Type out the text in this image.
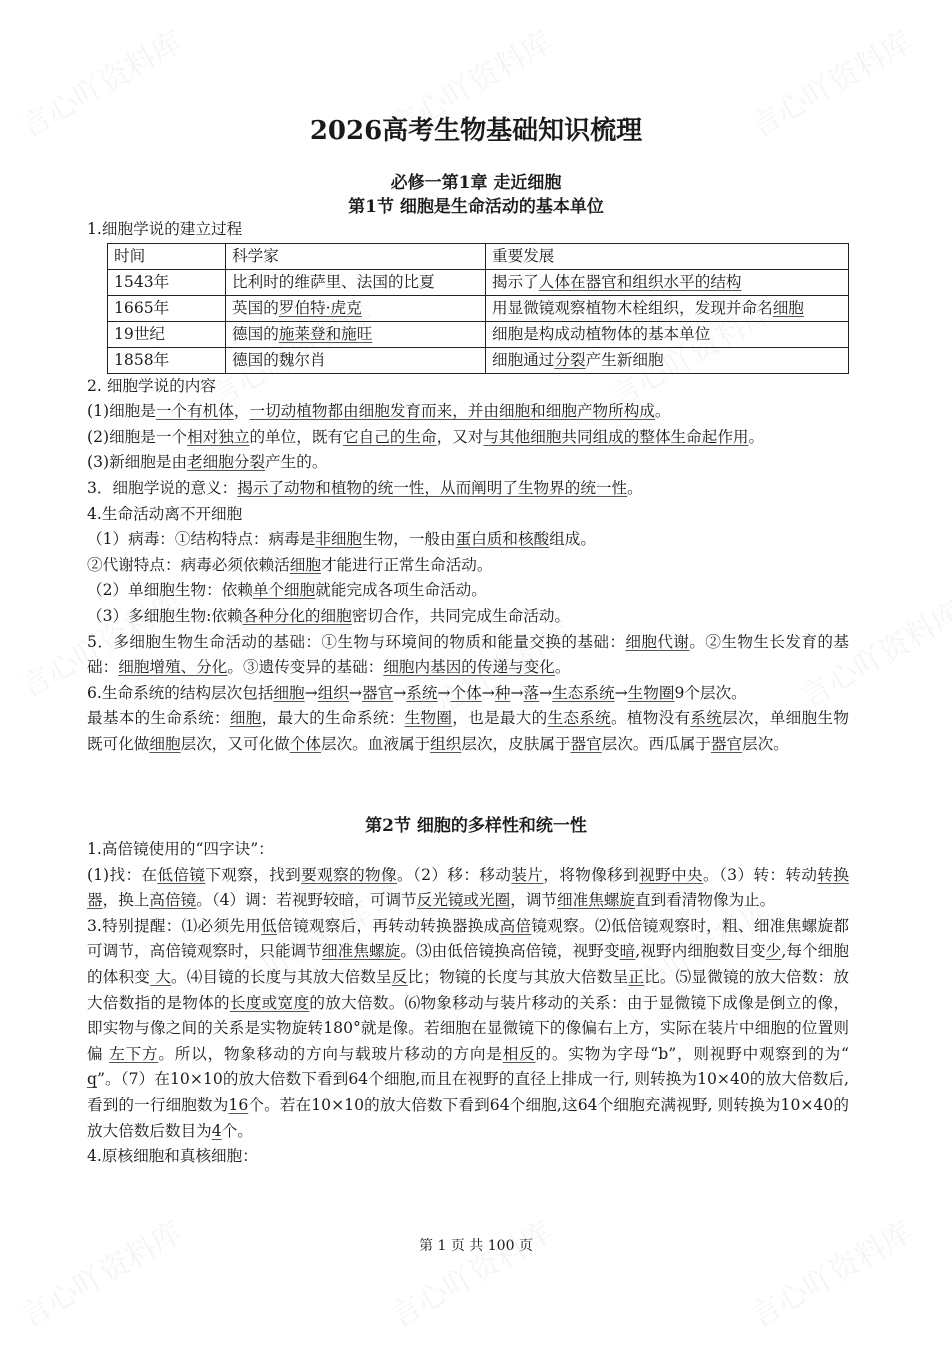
2026高考生物基础知识梳理
必修一第1章 走近细胞
第1节 细胞是生命活动的基本单位
1.细胞学说的建立过程
时间	科学家	重要发展
1543年	比利时的维萨里、法国的比夏	揭示了人体在器官和组织水平的结构
1665年	英国的罗伯特·虎克	用显微镜观察植物木栓组织，发现并命名细胞
19世纪	德国的施莱登和施旺	细胞是构成动植物体的基本单位
1858年	德国的魏尔肖	细胞通过分裂产生新细胞
2. 细胞学说的内容
(1)细胞是一个有机体，一切动植物都由细胞发育而来，并由细胞和细胞产物所构成。
(2)细胞是一个相对独立的单位，既有它自己的生命，又对与其他细胞共同组成的整体生命起作用。
(3)新细胞是由老细胞分裂产生的。
3．细胞学说的意义：揭示了动物和植物的统一性，从而阐明了生物界的统一性。
4.生命活动离不开细胞
（1）病毒：①结构特点：病毒是非细胞生物，一般由蛋白质和核酸组成。
②代谢特点：病毒必须依赖活细胞才能进行正常生命活动。
（2）单细胞生物：依赖单个细胞就能完成各项生命活动。
（3）多细胞生物:依赖各种分化的细胞密切合作，共同完成生命活动。
5．多细胞生物生命活动的基础：①生物与环境间的物质和能量交换的基础：细胞代谢。②生物生长发育的基础：细胞增殖、分化。③遗传变异的基础：细胞内基因的传递与变化。
6.生命系统的结构层次包括细胞→组织→器官→系统→个体→种→落→生态系统→生物圈9个层次。
最基本的生命系统：细胞，最大的生命系统：生物圈，也是最大的生态系统。植物没有系统层次，单细胞生物既可化做细胞层次，又可化做个体层次。血液属于组织层次，皮肤属于器官层次。西瓜属于器官层次。
第2节 细胞的多样性和统一性
1.高倍镜使用的“四字诀”：
(1)找：在低倍镜下观察，找到要观察的物像。（2）移：移动装片，将物像移到视野中央。（3）转：转动转换器，换上高倍镜。（4）调：若视野较暗，可调节反光镜或光圈，调节细准焦螺旋直到看清物像为止。
3.特别提醒：⑴必须先用低倍镜观察后，再转动转换器换成高倍镜观察。⑵低倍镜观察时，粗、细准焦螺旋都可调节，高倍镜观察时，只能调节细准焦螺旋。⑶由低倍镜换高倍镜，视野变暗,视野内细胞数目变少,每个细胞的体积变 大。⑷目镜的长度与其放大倍数呈反比；物镜的长度与其放大倍数呈正比。⑸显微镜的放大倍数：放大倍数指的是物体的长度或宽度的放大倍数。⑹物象移动与装片移动的关系：由于显微镜下成像是倒立的像，即实物与像之间的关系是实物旋转180°就是像。若细胞在显微镜下的像偏右上方，实际在装片中细胞的位置则偏 左下方。所以，物象移动的方向与载玻片移动的方向是相反的。实物为字母“b”，则视野中观察到的为“ q”。（7）在10×10的放大倍数下看到64个细胞,而且在视野的直径上排成一行, 则转换为10×40的放大倍数后,看到的一行细胞数为16个。若在10×10的放大倍数下看到64个细胞,这64个细胞充满视野, 则转换为10×40的放大倍数后数目为4个。
4.原核细胞和真核细胞：
第 1 页 共 100 页
